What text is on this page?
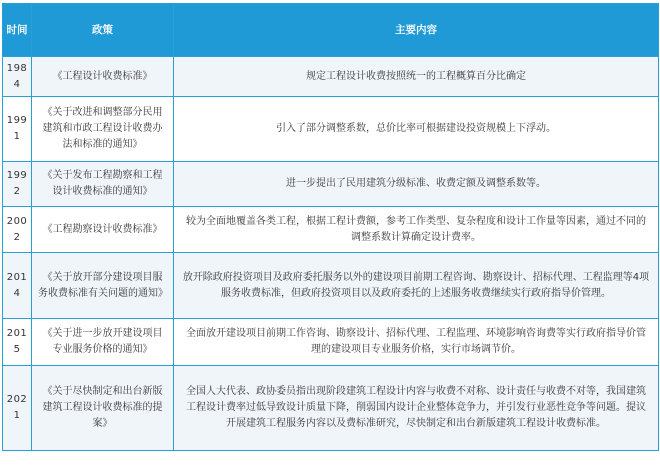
时间	政策	主要内容

1984	《工程设计收费标准》	规定工程设计收费按照统一的工程概算百分比确定

1991	《关于改进和调整部分民用建筑和市政工程设计收费办法和标准的通知》	引入了部分调整系数，总价比率可根据建设投资规模上下浮动。

1992	《关于发布工程勘察和工程设计收费标准的通知》	进一步提出了民用建筑分级标准、收费定额及调整系数等。

2002	《工程勘察设计收费标准》	较为全面地覆盖各类工程，根据工程计费额，参考工作类型、复杂程度和设计工作量等因素，通过不同的调整系数计算确定设计费率。

2014	《关于放开部分建设项目服务收费标准有关问题的通知》	放开除政府投资项目及政府委托服务以外的建设项目前期工程咨询、勘察设计、招标代理、工程监理等4项服务收费标准，但政府投资项目以及政府委托的上述服务收费继续实行政府指导价管理。

2015	《关于进一步放开建设项目专业服务价格的通知》	全面放开建设项目前期工作咨询、勘察设计、招标代理、工程监理、环境影响咨询费等实行政府指导价管理的建设项目专业服务价格，实行市场调节价。

2021	《关于尽快制定和出台新版建筑工程设计收费标准的提案》	全国人大代表、政协委员指出现阶段建筑工程设计内容与收费不对称、设计责任与收费不对等，我国建筑工程设计费率过低导致设计质量下降，削弱国内设计企业整体竞争力，并引发行业恶性竞争等问题。提议开展建筑工程服务内容以及费标准研究，尽快制定和出台新版建筑工程设计收费标准。
